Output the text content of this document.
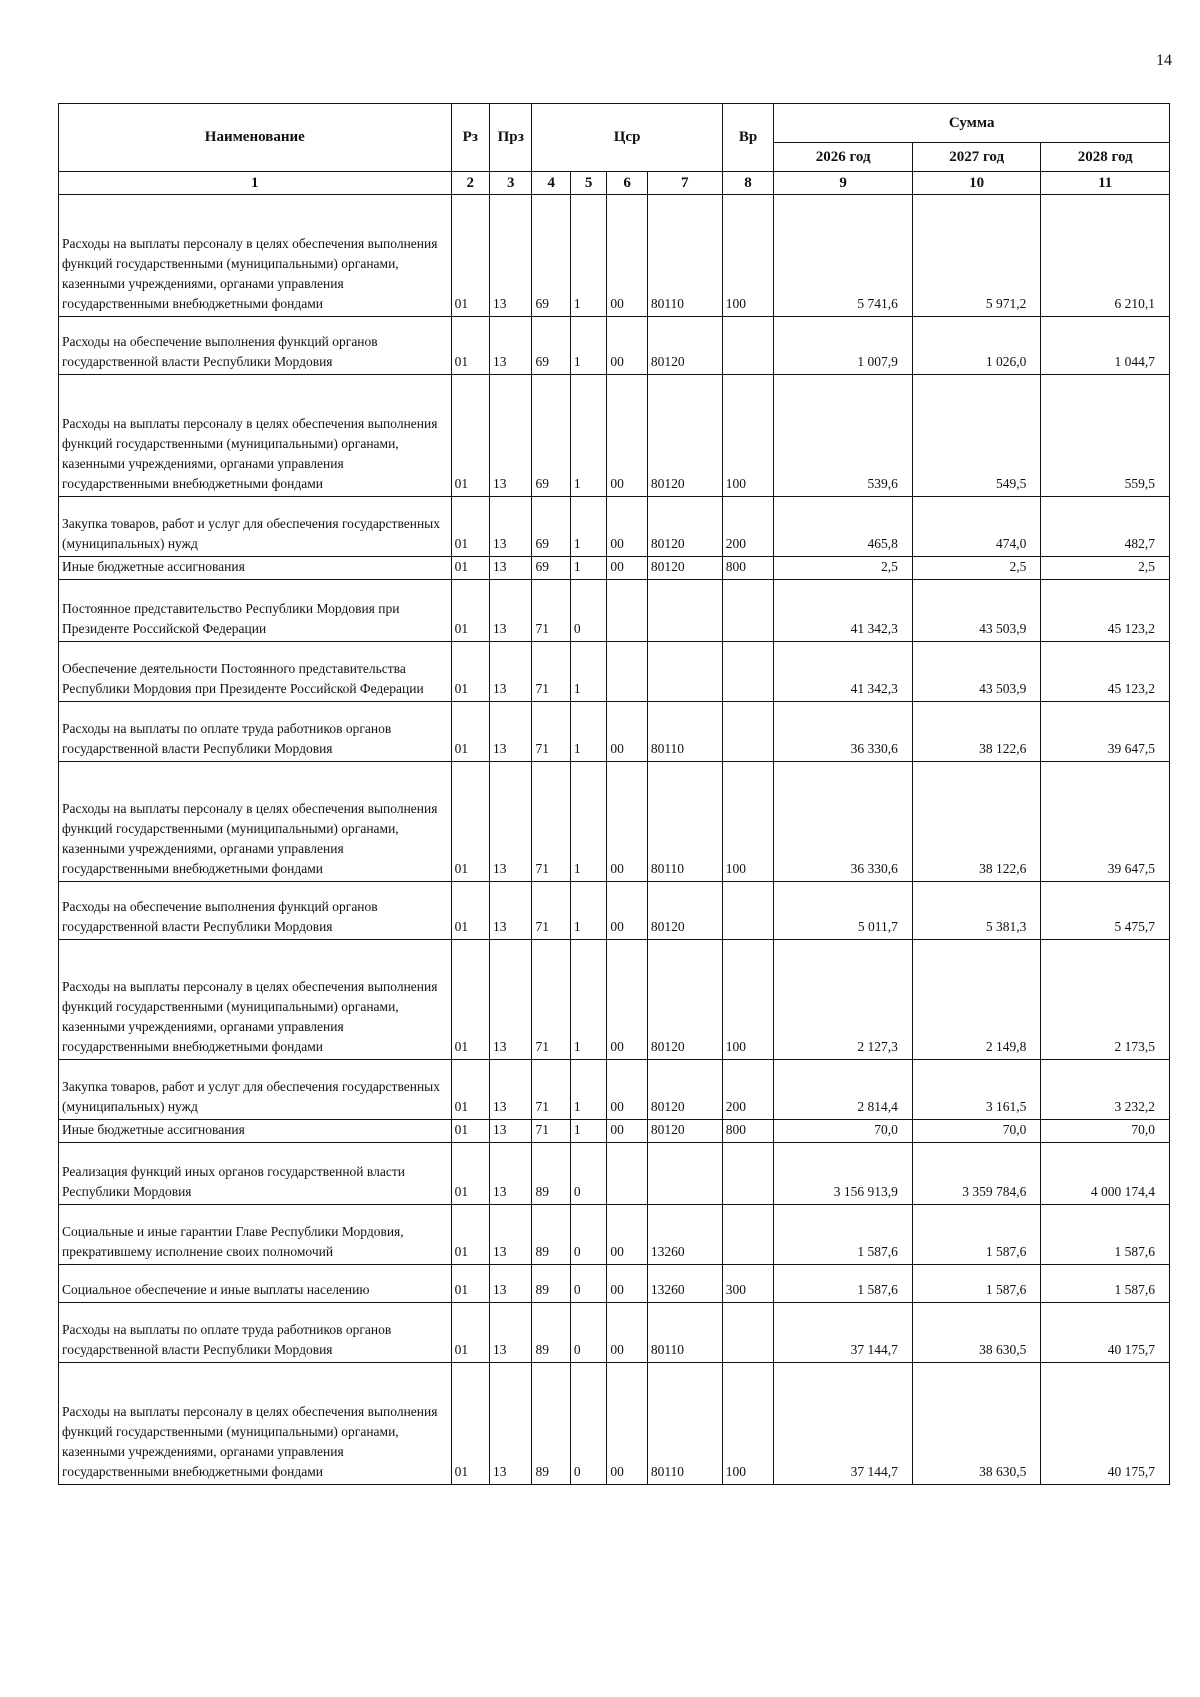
14
Наименование	Рз	Прз	Цср				Вр	Сумма		
								2026 год	2027 год	2028 год
1	2	3	4	5	6	7	8	9	10	11
Расходы на выплаты персоналу в целях обеспечения выполнения функций государственными (муниципальными) органами, казенными учреждениями, органами управления государственными внебюджетными фондами	01	13	69	1	00	80110	100	5 741,6	5 971,2	6 210,1
Расходы на обеспечение выполнения функций органов государственной власти Республики Мордовия	01	13	69	1	00	80120		1 007,9	1 026,0	1 044,7
Расходы на выплаты персоналу в целях обеспечения выполнения функций государственными (муниципальными) органами, казенными учреждениями, органами управления государственными внебюджетными фондами	01	13	69	1	00	80120	100	539,6	549,5	559,5
Закупка товаров, работ и услуг для обеспечения государственных (муниципальных) нужд	01	13	69	1	00	80120	200	465,8	474,0	482,7
Иные бюджетные ассигнования	01	13	69	1	00	80120	800	2,5	2,5	2,5
Постоянное представительство Республики Мордовия при Президенте Российской Федерации	01	13	71	0				41 342,3	43 503,9	45 123,2
Обеспечение деятельности Постоянного представительства Республики Мордовия при Президенте Российской Федерации	01	13	71	1				41 342,3	43 503,9	45 123,2
Расходы на выплаты по оплате труда работников органов государственной власти Республики Мордовия	01	13	71	1	00	80110		36 330,6	38 122,6	39 647,5
Расходы на выплаты персоналу в целях обеспечения выполнения функций государственными (муниципальными) органами, казенными учреждениями, органами управления государственными внебюджетными фондами	01	13	71	1	00	80110	100	36 330,6	38 122,6	39 647,5
Расходы на обеспечение выполнения функций органов государственной власти Республики Мордовия	01	13	71	1	00	80120		5 011,7	5 381,3	5 475,7
Расходы на выплаты персоналу в целях обеспечения выполнения функций государственными (муниципальными) органами, казенными учреждениями, органами управления государственными внебюджетными фондами	01	13	71	1	00	80120	100	2 127,3	2 149,8	2 173,5
Закупка товаров, работ и услуг для обеспечения государственных (муниципальных) нужд	01	13	71	1	00	80120	200	2 814,4	3 161,5	3 232,2
Иные бюджетные ассигнования	01	13	71	1	00	80120	800	70,0	70,0	70,0
Реализация функций иных органов государственной власти Республики Мордовия	01	13	89	0				3 156 913,9	3 359 784,6	4 000 174,4
Социальные и иные гарантии Главе Республики Мордовия, прекратившему исполнение своих полномочий	01	13	89	0	00	13260		1 587,6	1 587,6	1 587,6
Социальное обеспечение и иные выплаты населению	01	13	89	0	00	13260	300	1 587,6	1 587,6	1 587,6
Расходы на выплаты по оплате труда работников органов государственной власти Республики Мордовия	01	13	89	0	00	80110		37 144,7	38 630,5	40 175,7
Расходы на выплаты персоналу в целях обеспечения выполнения функций государственными (муниципальными) органами, казенными учреждениями, органами управления государственными внебюджетными фондами	01	13	89	0	00	80110	100	37 144,7	38 630,5	40 175,7
